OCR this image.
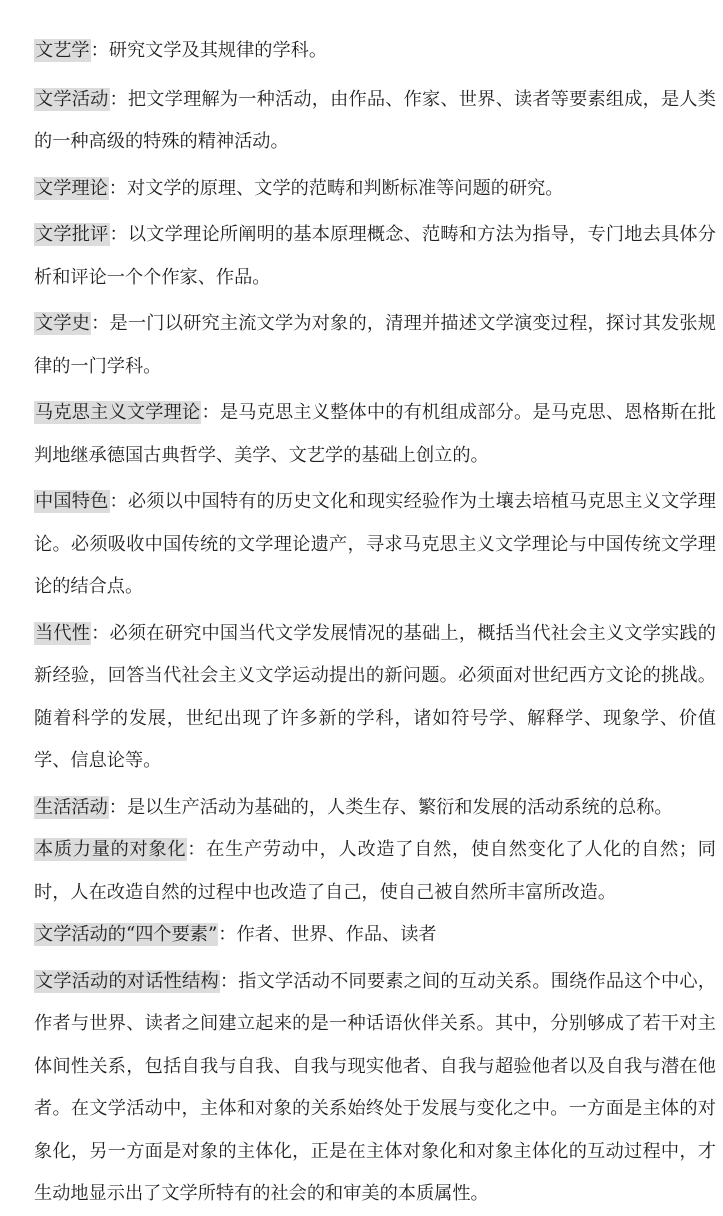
文艺学：研究文学及其规律的学科。

文学活动：把文学理解为一种活动，由作品、作家、世界、读者等要素组成，是人类的一种高级的特殊的精神活动。

文学理论：对文学的原理、文学的范畴和判断标准等问题的研究。

文学批评：以文学理论所阐明的基本原理概念、范畴和方法为指导，专门地去具体分析和评论一个个作家、作品。

文学史：是一门以研究主流文学为对象的，清理并描述文学演变过程，探讨其发张规律的一门学科。

马克思主义文学理论：是马克思主义整体中的有机组成部分。是马克思、恩格斯在批判地继承德国古典哲学、美学、文艺学的基础上创立的。

中国特色：必须以中国特有的历史文化和现实经验作为土壤去培植马克思主义文学理论。必须吸收中国传统的文学理论遗产，寻求马克思主义文学理论与中国传统文学理论的结合点。

当代性：必须在研究中国当代文学发展情况的基础上，概括当代社会主义文学实践的新经验，回答当代社会主义文学运动提出的新问题。必须面对世纪西方文论的挑战。随着科学的发展，世纪出现了许多新的学科，诸如符号学、解释学、现象学、价值学、信息论等。

生活活动：是以生产活动为基础的，人类生存、繁衍和发展的活动系统的总称。

本质力量的对象化：在生产劳动中，人改造了自然，使自然变化了人化的自然；同时，人在改造自然的过程中也改造了自己，使自己被自然所丰富所改造。

文学活动的“四个要素”：作者、世界、作品、读者

文学活动的对话性结构：指文学活动不同要素之间的互动关系。围绕作品这个中心，作者与世界、读者之间建立起来的是一种话语伙伴关系。其中，分别够成了若干对主体间性关系，包括自我与自我、自我与现实他者、自我与超验他者以及自我与潜在他者。在文学活动中，主体和对象的关系始终处于发展与变化之中。一方面是主体的对象化，另一方面是对象的主体化，正是在主体对象化和对象主体化的互动过程中，才生动地显示出了文学所特有的社会的和审美的本质属性。
